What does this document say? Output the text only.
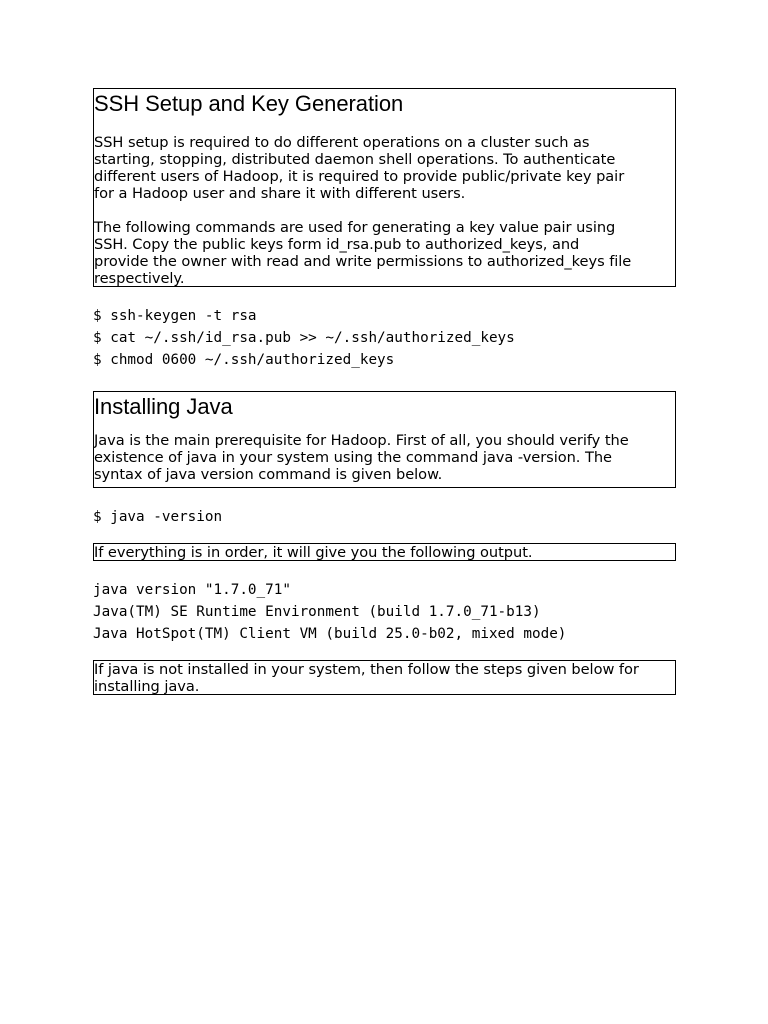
SSH Setup and Key Generation

SSH setup is required to do different operations on a cluster such as
starting, stopping, distributed daemon shell operations. To authenticate
different users of Hadoop, it is required to provide public/private key pair
for a Hadoop user and share it with different users.

The following commands are used for generating a key value pair using
SSH. Copy the public keys form id_rsa.pub to authorized_keys, and
provide the owner with read and write permissions to authorized_keys file
respectively.

$ ssh-keygen -t rsa
$ cat ~/.ssh/id_rsa.pub >> ~/.ssh/authorized_keys
$ chmod 0600 ~/.ssh/authorized_keys
Installing Java

Java is the main prerequisite for Hadoop. First of all, you should verify the
existence of java in your system using the command java -version. The
syntax of java version command is given below.

$ java -version

If everything is in order, it will give you the following output.

java version "1.7.0_71"
Java(TM) SE Runtime Environment (build 1.7.0_71-b13)
Java HotSpot(TM) Client VM (build 25.0-b02, mixed mode)

If java is not installed in your system, then follow the steps given below for
installing java.
